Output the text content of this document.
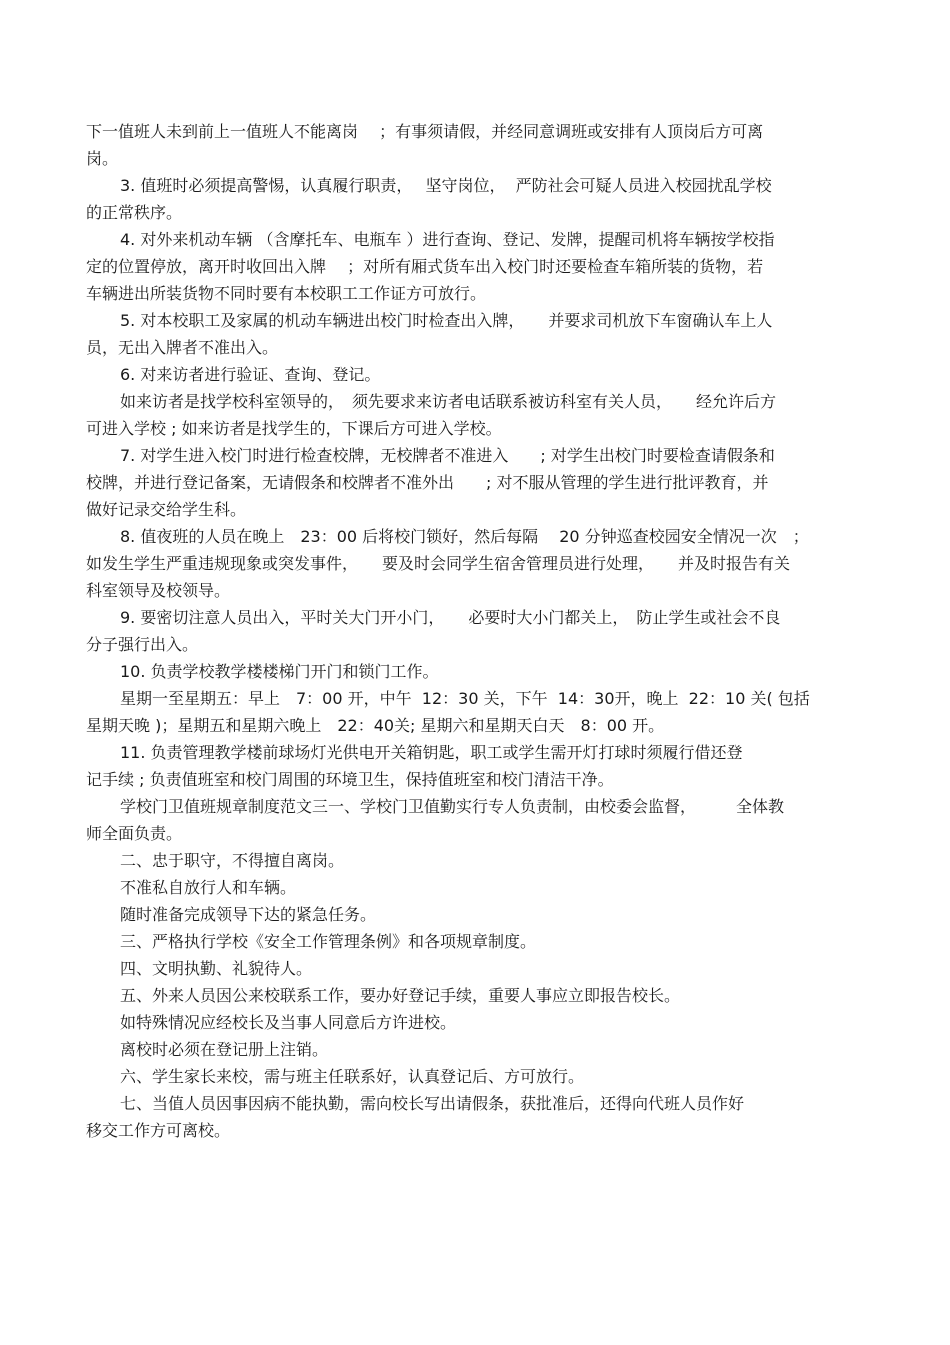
下一值班人未到前上一值班人不能离岗　 ；有事须请假，并经同意调班或安排有人顶岗后方可离
岗。
3. 值班时必须提高警惕，认真履行职责，　 坚守岗位，  严防社会可疑人员进入校园扰乱学校
的正常秩序。
4. 对外来机动车辆 （含摩托车、电瓶车 ）进行查询、登记、发牌，提醒司机将车辆按学校指
定的位置停放，离开时收回出入牌　 ；对所有厢式货车出入校门时还要检查车箱所装的货物，若
车辆进出所装货物不同时要有本校职工工作证方可放行。
5. 对本校职工及家属的机动车辆进出校门时检查出入牌，　　并要求司机放下车窗确认车上人
员，无出入牌者不准出入。
6. 对来访者进行验证、查询、登记。
如来访者是找学校科室领导的，　须先要求来访者电话联系被访科室有关人员，　　经允许后方
可进入学校 ; 如来访者是找学生的，下课后方可进入学校。
7. 对学生进入校门时进行检查校牌，无校牌者不准进入　　; 对学生出校门时要检查请假条和
校牌，并进行登记备案，无请假条和校牌者不准外出　　; 对不服从管理的学生进行批评教育，并
做好记录交给学生科。
8. 值夜班的人员在晚上　23：00 后将校门锁好，然后每隔　 20 分钟巡查校园安全情况一次　；
如发生学生严重违规现象或突发事件，　　要及时会同学生宿舍管理员进行处理，　　并及时报告有关
科室领导及校领导。
9. 要密切注意人员出入，平时关大门开小门，　　必要时大小门都关上，　防止学生或社会不良
分子强行出入。
10. 负责学校教学楼楼梯门开门和锁门工作。
星期一至星期五：早上　7：00 开，中午  12：30 关，下午  14：30开，晚上  22：10 关( 包括
星期天晚 )；星期五和星期六晚上　22：40关; 星期六和星期天白天　8：00 开。
11. 负责管理教学楼前球场灯光供电开关箱钥匙，职工或学生需开灯打球时须履行借还登
记手续 ; 负责值班室和校门周围的环境卫生，保持值班室和校门清洁干净。
学校门卫值班规章制度范文三一、学校门卫值勤实行专人负责制，由校委会监督，　　　全体教
师全面负责。
二、忠于职守，不得擅自离岗。
不准私自放行人和车辆。
随时准备完成领导下达的紧急任务。
三、严格执行学校《安全工作管理条例》和各项规章制度。
四、文明执勤、礼貌待人。
五、外来人员因公来校联系工作，要办好登记手续，重要人事应立即报告校长。
如特殊情况应经校长及当事人同意后方许进校。
离校时必须在登记册上注销。
六、学生家长来校，需与班主任联系好，认真登记后、方可放行。
七、当值人员因事因病不能执勤，需向校长写出请假条，获批准后，还得向代班人员作好
移交工作方可离校。
